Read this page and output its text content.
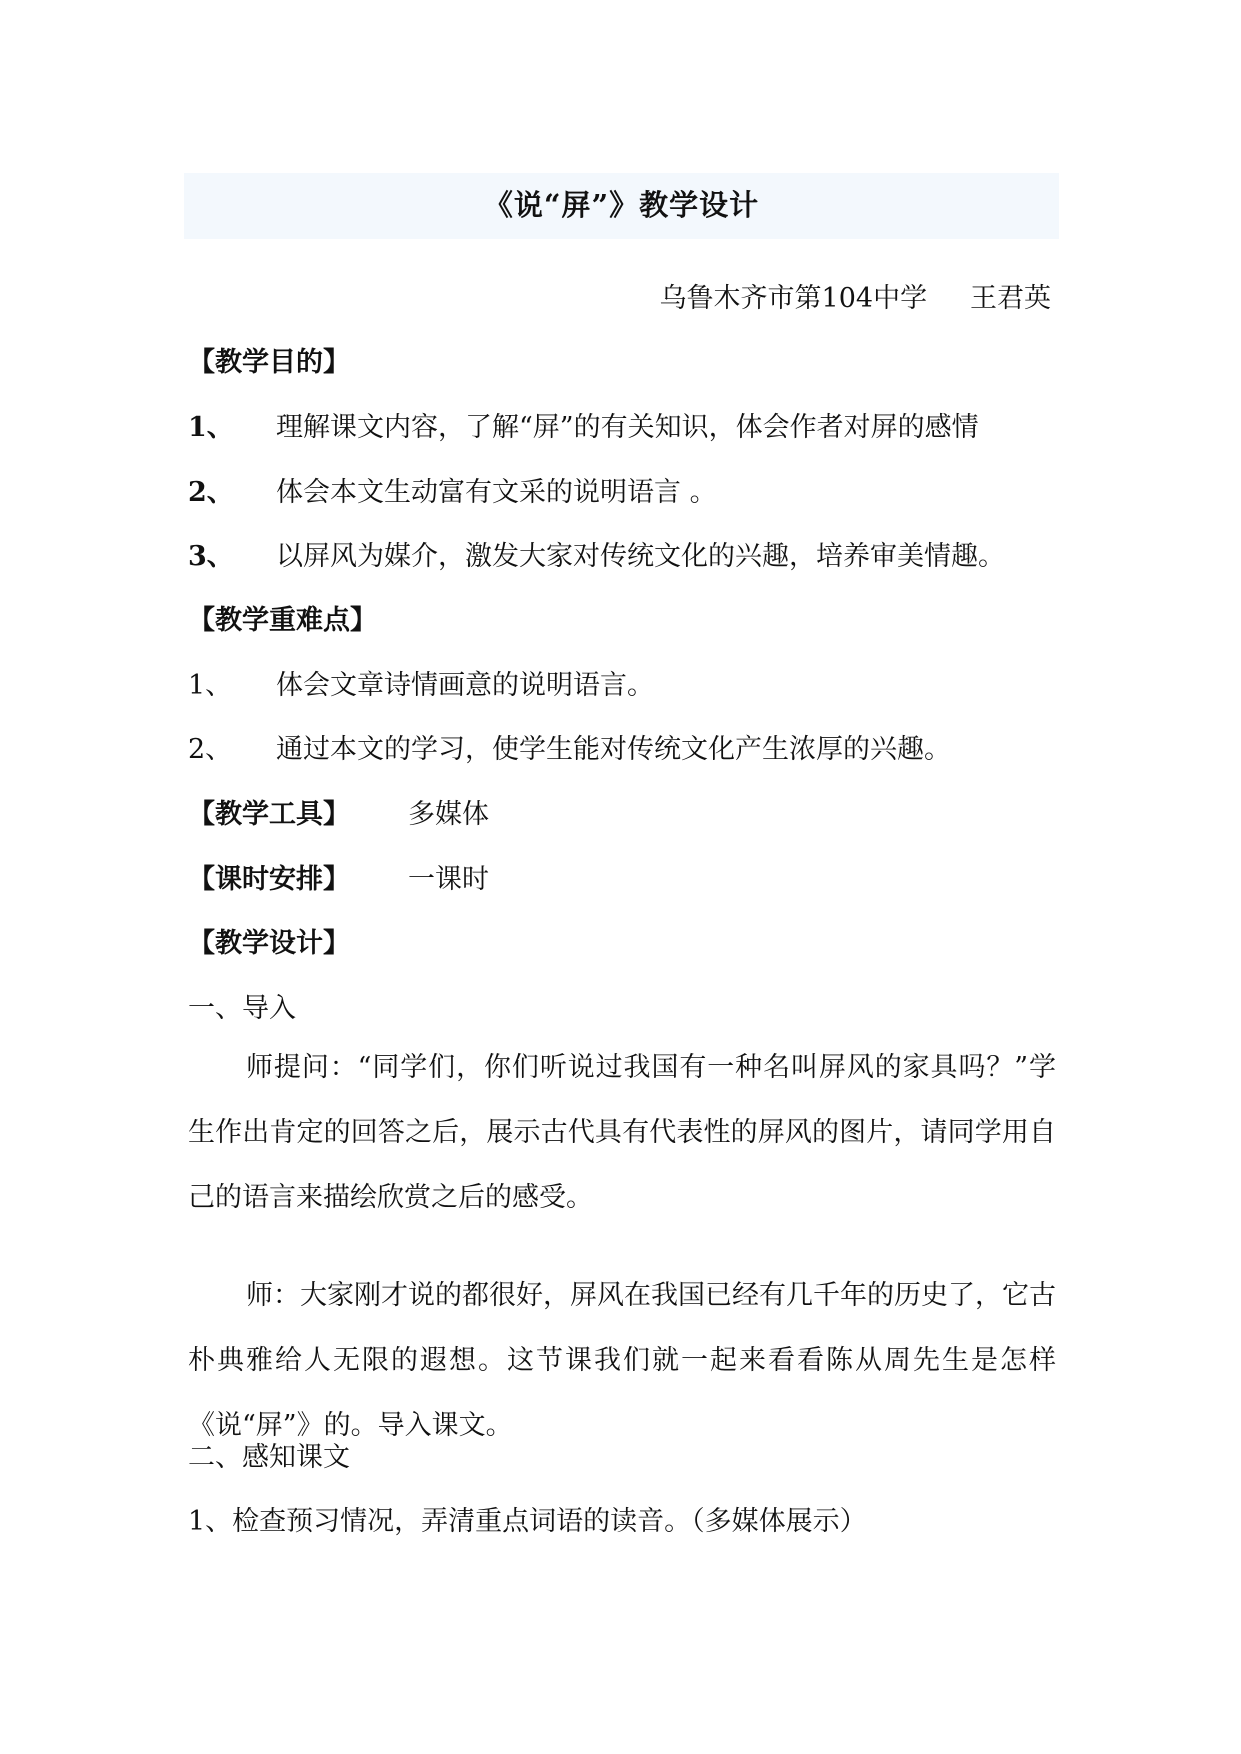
《说“屏”》教学设计
乌鲁木齐市第104中学     王君英
【教学目的】
1、 理解课文内容，了解“屏”的有关知识，体会作者对屏的感情
2、 体会本文生动富有文采的说明语言 。
3、 以屏风为媒介，激发大家对传统文化的兴趣，培养审美情趣。
【教学重难点】
1、 体会文章诗情画意的说明语言。
2、 通过本文的学习，使学生能对传统文化产生浓厚的兴趣。
【教学工具】 多媒体
【课时安排】 一课时
【教学设计】
一、导入
师提问：“同学们，你们听说过我国有一种名叫屏风的家具吗？”学生作出肯定的回答之后，展示古代具有代表性的屏风的图片，请同学用自己的语言来描绘欣赏之后的感受。
师：大家刚才说的都很好，屏风在我国已经有几千年的历史了，它古朴典雅给人无限的遐想。这节课我们就一起来看看陈从周先生是怎样《说“屏”》的。导入课文。
二、感知课文
1、检查预习情况，弄清重点词语的读音。（多媒体展示）
